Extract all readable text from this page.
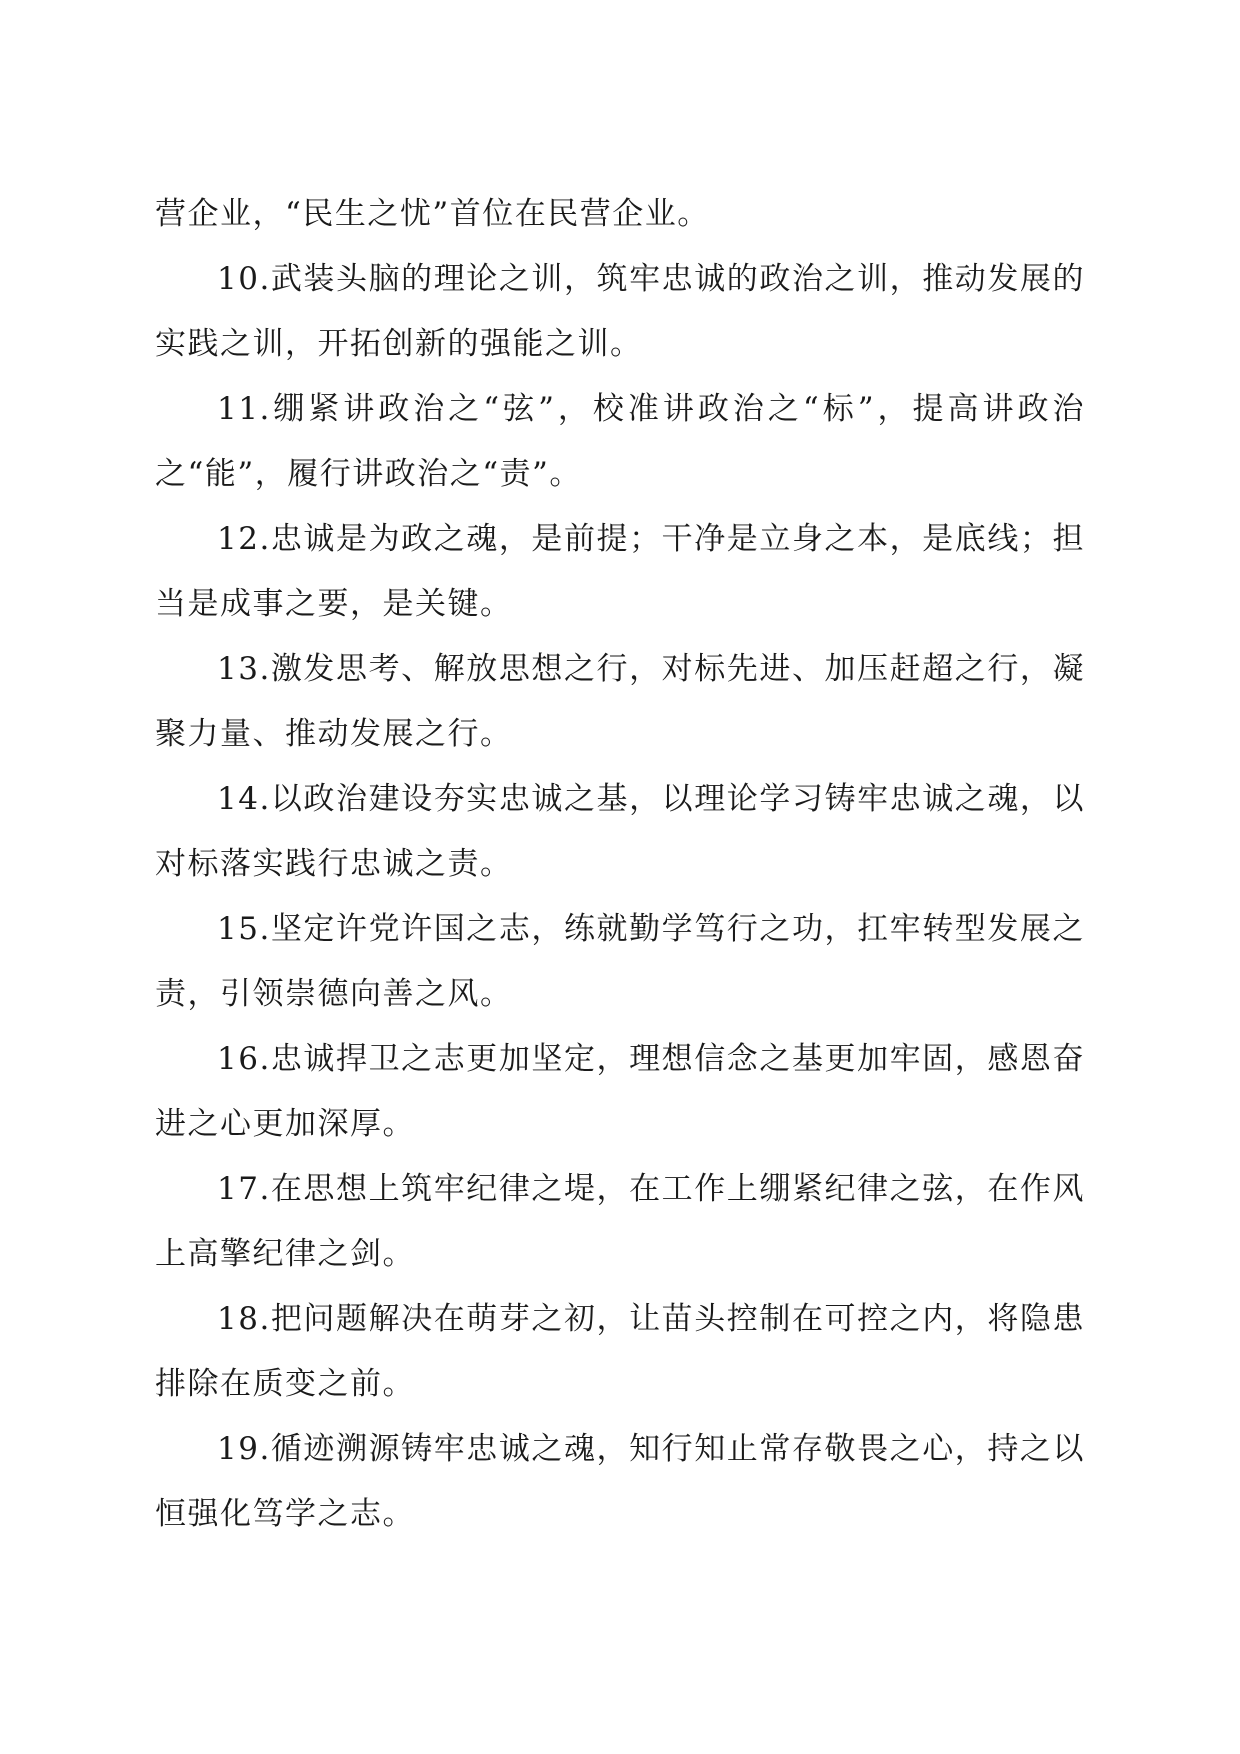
营企业，“民生之忧”首位在民营企业。

10.武装头脑的理论之训，筑牢忠诚的政治之训，推动发展的实践之训，开拓创新的强能之训。

11.绷紧讲政治之“弦”，校准讲政治之“标”，提高讲政治之“能”，履行讲政治之“责”。

12.忠诚是为政之魂，是前提；干净是立身之本，是底线；担当是成事之要，是关键。

13.激发思考、解放思想之行，对标先进、加压赶超之行，凝聚力量、推动发展之行。

14.以政治建设夯实忠诚之基，以理论学习铸牢忠诚之魂，以对标落实践行忠诚之责。

15.坚定许党许国之志，练就勤学笃行之功，扛牢转型发展之责，引领崇德向善之风。

16.忠诚捍卫之志更加坚定，理想信念之基更加牢固，感恩奋进之心更加深厚。

17.在思想上筑牢纪律之堤，在工作上绷紧纪律之弦，在作风上高擎纪律之剑。

18.把问题解决在萌芽之初，让苗头控制在可控之内，将隐患排除在质变之前。

19.循迹溯源铸牢忠诚之魂，知行知止常存敬畏之心，持之以恒强化笃学之志。
